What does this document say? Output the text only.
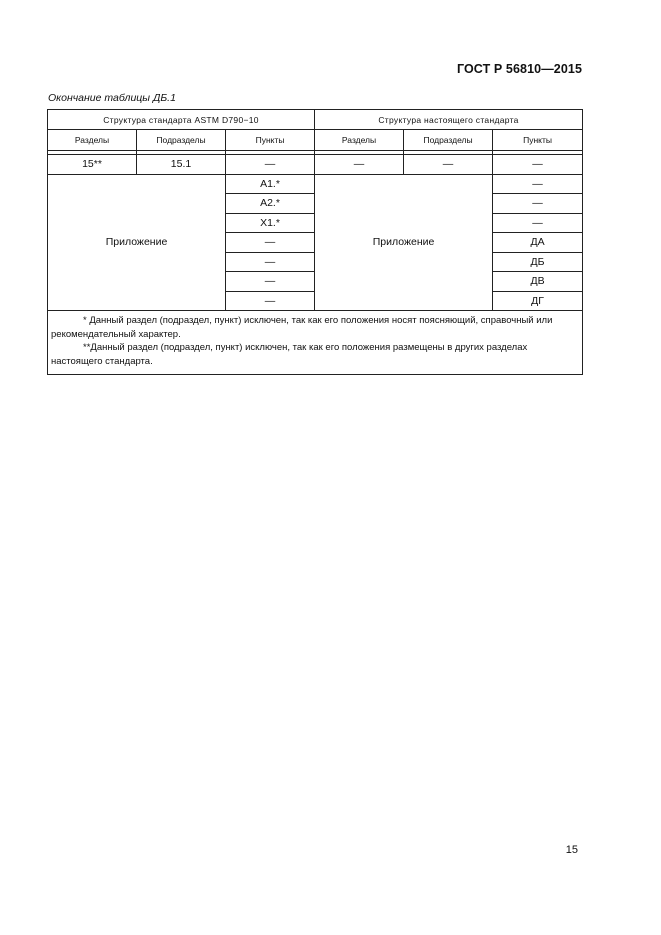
ГОСТ Р 56810—2015
Окончание таблицы ДБ.1
Структура стандарта ASTM D790−10			Структура настоящего стандарта		
Разделы	Подразделы	Пункты	Разделы	Подразделы	Пункты

15**	15.1	—	—	—	—
Приложение		A1.*	Приложение		—
		A2.*			—
		X1.*			—
		—			ДА
		—			ДБ
		—			ДВ
		—			ДГ

* Данный раздел (подраздел, пункт) исключен, так как его положения носят поясняющий, справочный или рекомендательный характер.

**Данный раздел (подраздел, пункт) исключен, так как его положения размещены в других разделах настоящего стандарта.					

15
